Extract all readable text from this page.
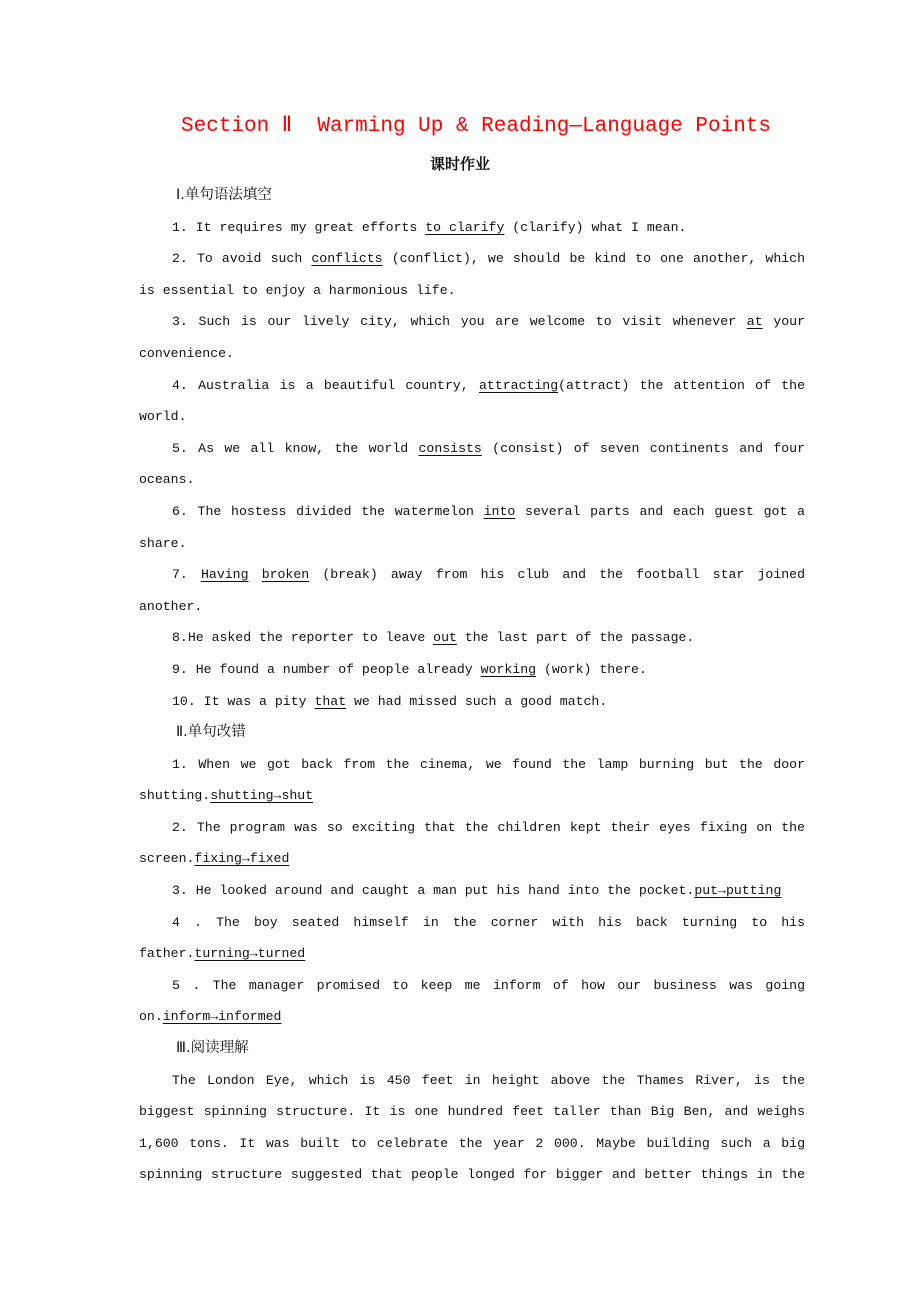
Section Ⅱ  Warming Up & Reading—Language Points
课时作业
Ⅰ.单句语法填空
1. It requires my great efforts to clarify (clarify) what I mean.
2. To avoid such conflicts (conflict), we should be kind to one another, which
is essential to enjoy a harmonious life.
3. Such is our lively city, which you are welcome to visit whenever at your
convenience.
4. Australia is a beautiful country, attracting(attract) the attention of the
world.
5. As we all know, the world consists (consist) of seven continents and four
oceans.
6. The hostess divided the watermelon into several parts and each guest got a
share.
7. Having broken (break) away from his club and the football star joined
another.
8.He asked the reporter to leave out the last part of the passage.
9. He found a number of people already working (work) there.
10. It was a pity that we had missed such a good match.
Ⅱ.单句改错
1. When we got back from the cinema, we found the lamp burning but the door
shutting.shutting→shut
2. The program was so exciting that the children kept their eyes fixing on the
screen.fixing→fixed
3. He looked around and caught a man put his hand into the pocket.put→putting
4 . The boy seated himself in the corner with his back turning to his
father.turning→turned
5 . The manager promised to keep me inform of how our business was going
on.inform→informed
Ⅲ.阅读理解
The London Eye, which is 450 feet in height above the Thames River, is the
biggest spinning structure. It is one hundred feet taller than Big Ben, and weighs
1,600 tons. It was built to celebrate the year 2 000. Maybe building such a big
spinning structure suggested that people longed for bigger and better things in the
